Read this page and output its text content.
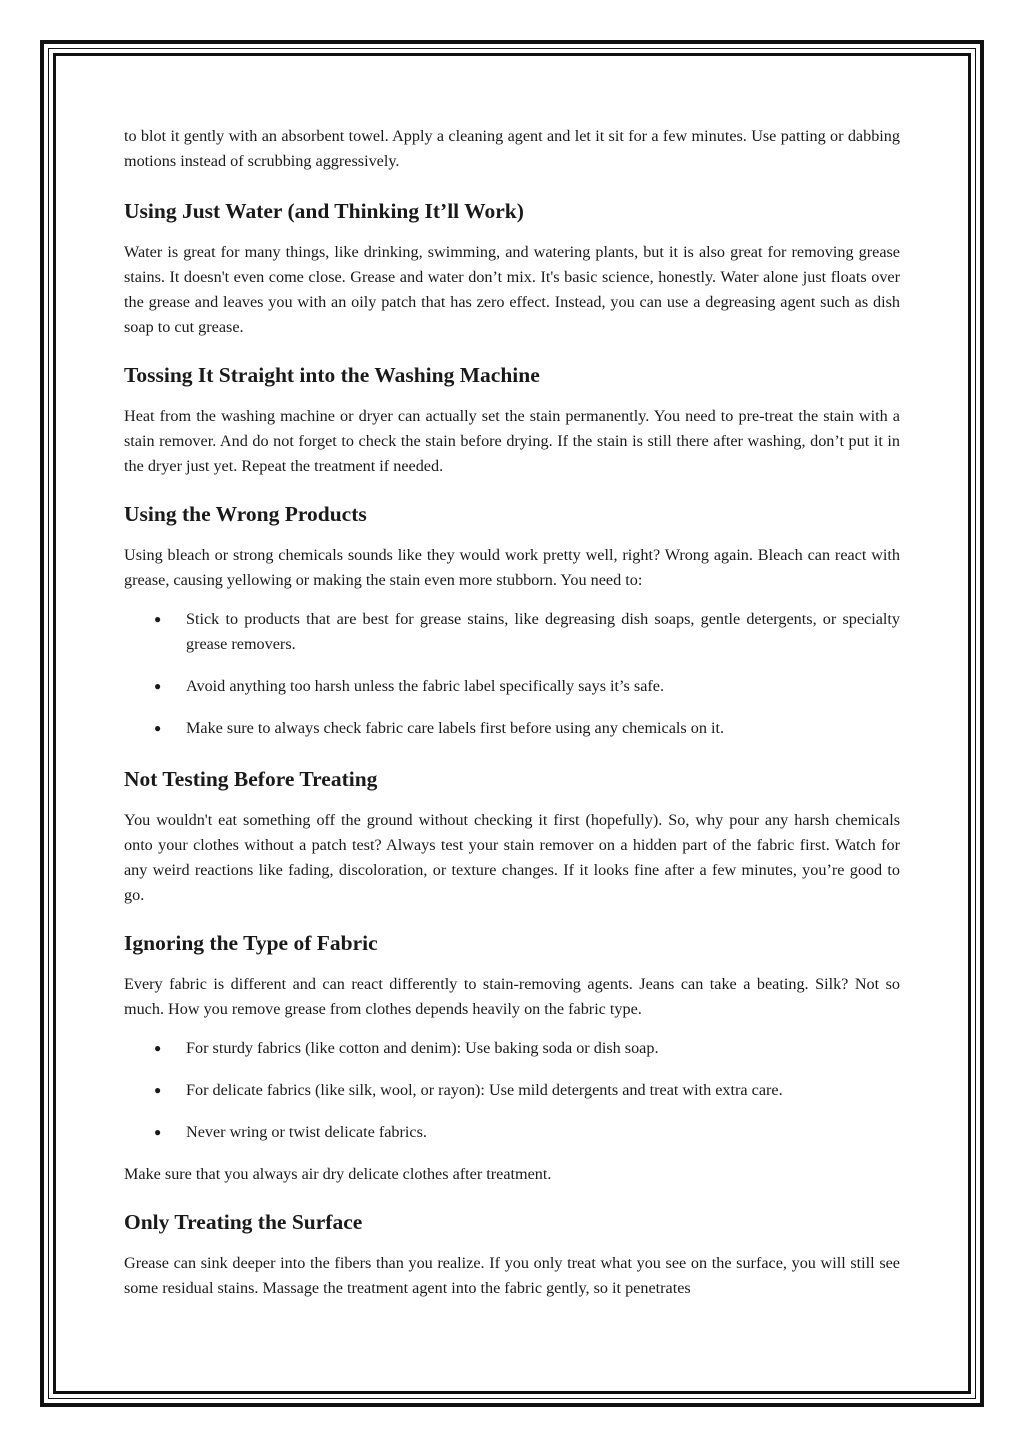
to blot it gently with an absorbent towel. Apply a cleaning agent and let it sit for a few minutes. Use patting or dabbing motions instead of scrubbing aggressively.

Using Just Water (and Thinking It’ll Work)

Water is great for many things, like drinking, swimming, and watering plants, but it is also great for removing grease stains. It doesn't even come close. Grease and water don’t mix. It's basic science, honestly. Water alone just floats over the grease and leaves you with an oily patch that has zero effect. Instead, you can use a degreasing agent such as dish soap to cut grease.

Tossing It Straight into the Washing Machine

Heat from the washing machine or dryer can actually set the stain permanently. You need to pre-treat the stain with a stain remover. And do not forget to check the stain before drying. If the stain is still there after washing, don’t put it in the dryer just yet. Repeat the treatment if needed.

Using the Wrong Products

Using bleach or strong chemicals sounds like they would work pretty well, right? Wrong again. Bleach can react with grease, causing yellowing or making the stain even more stubborn. You need to:

● Stick to products that are best for grease stains, like degreasing dish soaps, gentle detergents, or specialty grease removers.
● Avoid anything too harsh unless the fabric label specifically says it’s safe.
● Make sure to always check fabric care labels first before using any chemicals on it.
Not Testing Before Treating

You wouldn't eat something off the ground without checking it first (hopefully). So, why pour any harsh chemicals onto your clothes without a patch test? Always test your stain remover on a hidden part of the fabric first. Watch for any weird reactions like fading, discoloration, or texture changes. If it looks fine after a few minutes, you’re good to go.

Ignoring the Type of Fabric

Every fabric is different and can react differently to stain-removing agents. Jeans can take a beating. Silk? Not so much. How you remove grease from clothes depends heavily on the fabric type.

● For sturdy fabrics (like cotton and denim): Use baking soda or dish soap.
● For delicate fabrics (like silk, wool, or rayon): Use mild detergents and treat with extra care.
● Never wring or twist delicate fabrics.

Make sure that you always air dry delicate clothes after treatment.

Only Treating the Surface

Grease can sink deeper into the fibers than you realize. If you only treat what you see on the surface, you will still see some residual stains. Massage the treatment agent into the fabric gently, so it penetrates
